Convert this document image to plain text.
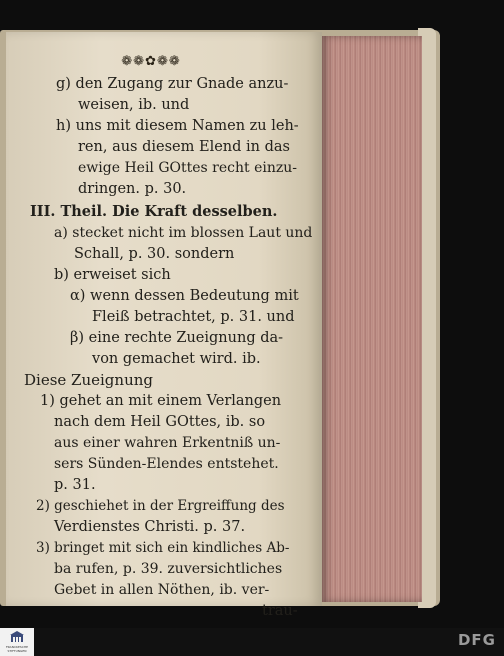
❁❁✿❁❁
g) den Zugang zur Gnade anzu-
weisen, ib. und
h) uns mit diesem Namen zu leh-
ren, aus diesem Elend in das
ewige Heil GOttes recht einzu-
dringen. p. 30.
III. Theil. Die Kraft desselben.
a) stecket nicht im blossen Laut und
Schall, p. 30. sondern
b) erweiset sich
α) wenn dessen Bedeutung mit
Fleiß betrachtet, p. 31. und
β) eine rechte Zueignung da-
von gemachet wird. ib.
Diese Zueignung
1) gehet an mit einem Verlangen
nach dem Heil GOttes, ib. so
aus einer wahren Erkentniß un-
sers Sünden-Elendes entstehet.
p. 31.
2) geschiehet in der Ergreiffung des
Verdienstes Christi. p. 37.
3) bringet mit sich ein kindliches Ab-
ba rufen, p. 39. zuversichtliches
Gebet in allen Nöthen, ib. ver-
trau-
FRANCKESCHE STIFTUNGEN
DFG
